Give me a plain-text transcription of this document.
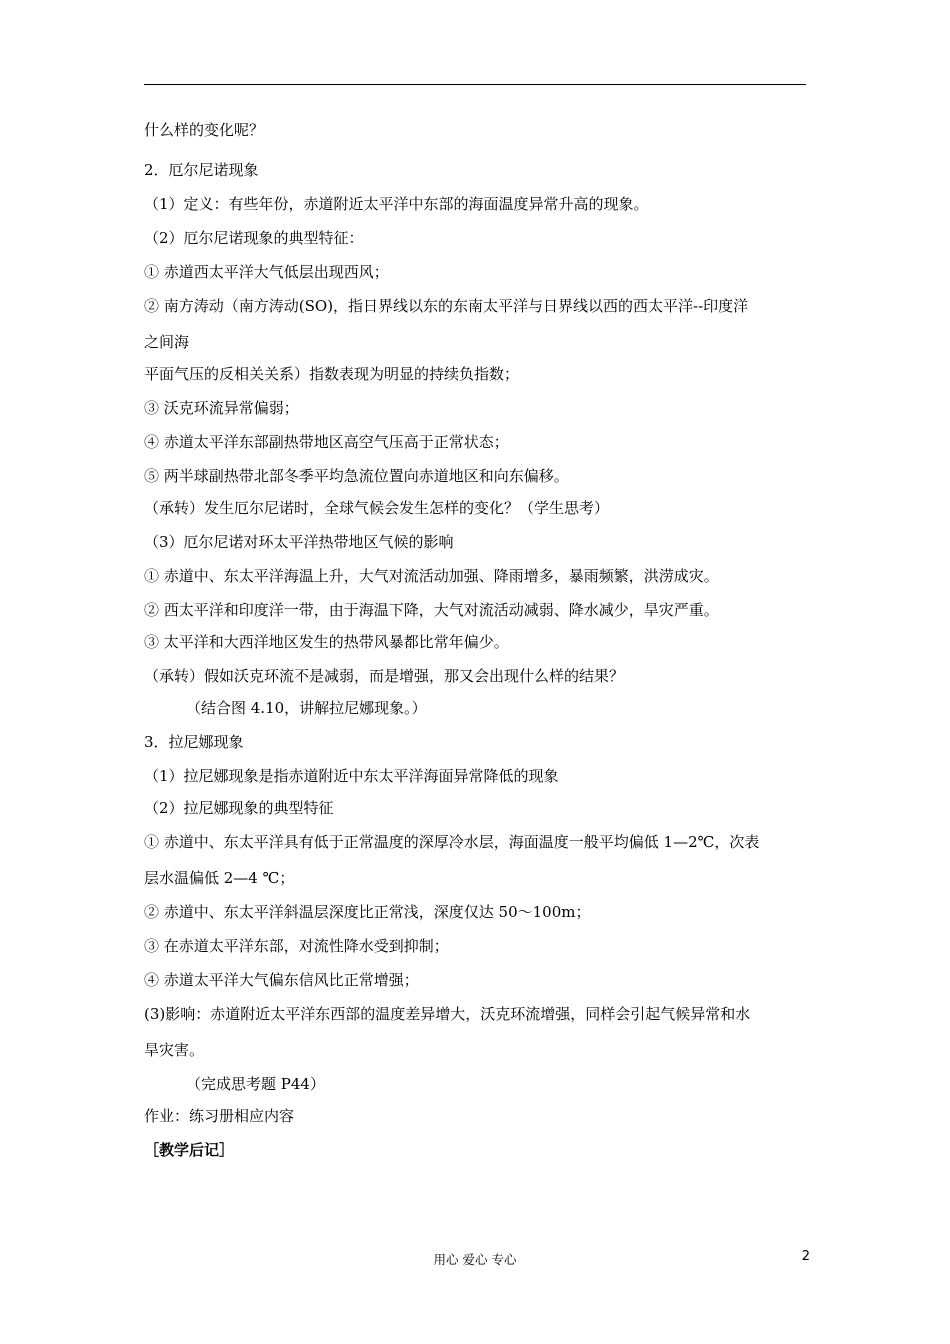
什么样的变化呢？
2．厄尔尼诺现象
（1）定义：有些年份，赤道附近太平洋中东部的海面温度异常升高的现象。
（2）厄尔尼诺现象的典型特征：
① 赤道西太平洋大气低层出现西风；
② 南方涛动（南方涛动(SO)，指日界线以东的东南太平洋与日界线以西的西太平洋--印度洋
之间海
平面气压的反相关关系）指数表现为明显的持续负指数；
③ 沃克环流异常偏弱；
④ 赤道太平洋东部副热带地区高空气压高于正常状态；
⑤ 两半球副热带北部冬季平均急流位置向赤道地区和向东偏移。
（承转）发生厄尔尼诺时，全球气候会发生怎样的变化？（学生思考）
（3）厄尔尼诺对环太平洋热带地区气候的影响
① 赤道中、东太平洋海温上升，大气对流活动加强、降雨增多，暴雨频繁，洪涝成灾。
② 西太平洋和印度洋一带，由于海温下降，大气对流活动减弱、降水减少，旱灾严重。
③ 太平洋和大西洋地区发生的热带风暴都比常年偏少。
（承转）假如沃克环流不是减弱，而是增强，那又会出现什么样的结果？
（结合图 4.10，讲解拉尼娜现象。）
3．拉尼娜现象
（1）拉尼娜现象是指赤道附近中东太平洋海面异常降低的现象
（2）拉尼娜现象的典型特征
① 赤道中、东太平洋具有低于正常温度的深厚冷水层，海面温度一般平均偏低 1—2℃，次表
层水温偏低 2—4 ℃；
② 赤道中、东太平洋斜温层深度比正常浅，深度仅达 50～100m；
③ 在赤道太平洋东部，对流性降水受到抑制；
④ 赤道太平洋大气偏东信风比正常增强；
(3)影响：赤道附近太平洋东西部的温度差异增大，沃克环流增强，同样会引起气候异常和水
旱灾害。
（完成思考题 P44）
作业：练习册相应内容
［教学后记］
用心 爱心 专心	2
